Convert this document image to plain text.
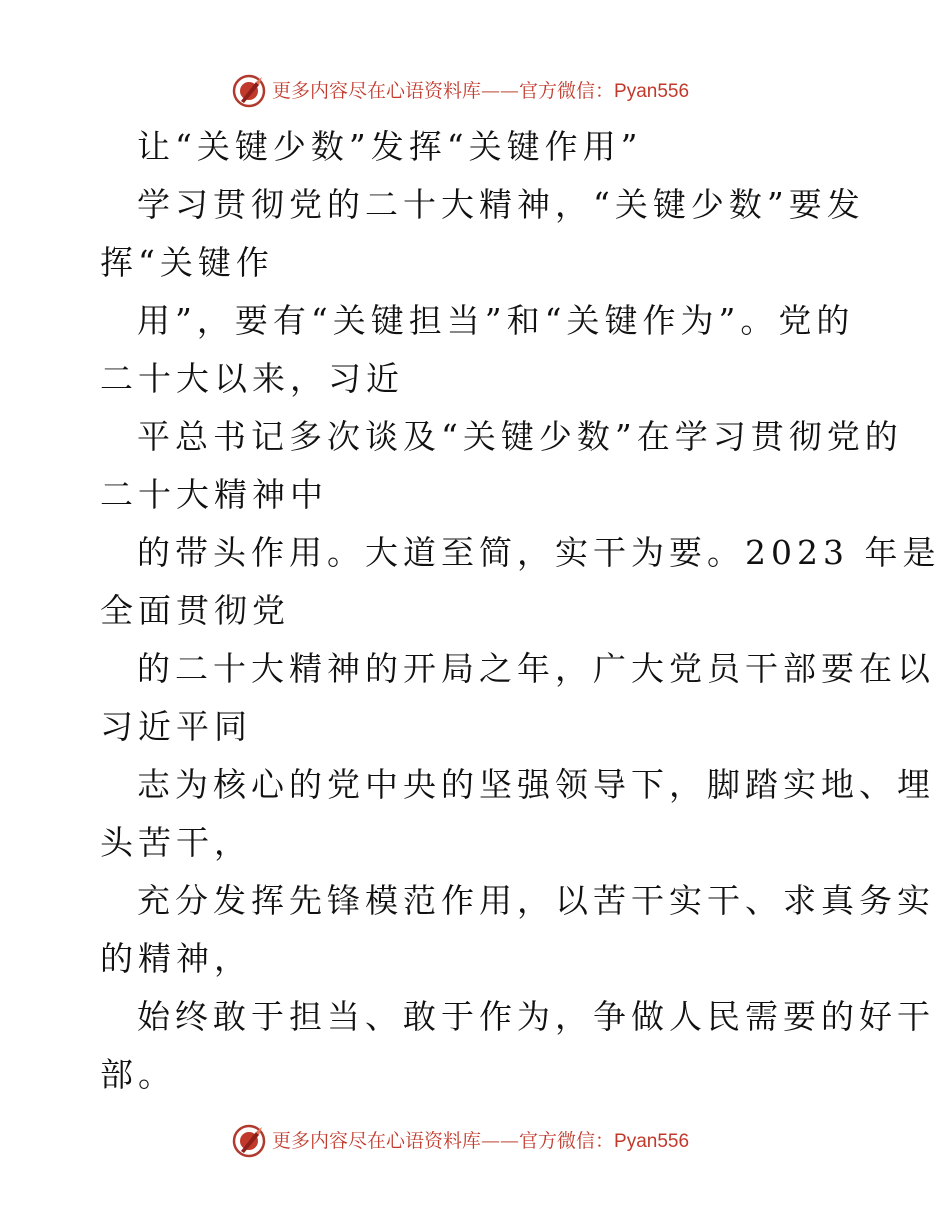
更多内容尽在心语资料库——官方微信：Pyan556
让“关键少数”发挥“关键作用”
学习贯彻党的二十大精神，“关键少数”要发
挥“关键作
用”，要有“关键担当”和“关键作为”。党的
二十大以来，习近
平总书记多次谈及“关键少数”在学习贯彻党的
二十大精神中
的带头作用。大道至简，实干为要。2023 年是
全面贯彻党
的二十大精神的开局之年，广大党员干部要在以
习近平同
志为核心的党中央的坚强领导下，脚踏实地、埋
头苦干，
充分发挥先锋模范作用，以苦干实干、求真务实
的精神，
始终敢于担当、敢于作为，争做人民需要的好干
部。
更多内容尽在心语资料库——官方微信：Pyan556
